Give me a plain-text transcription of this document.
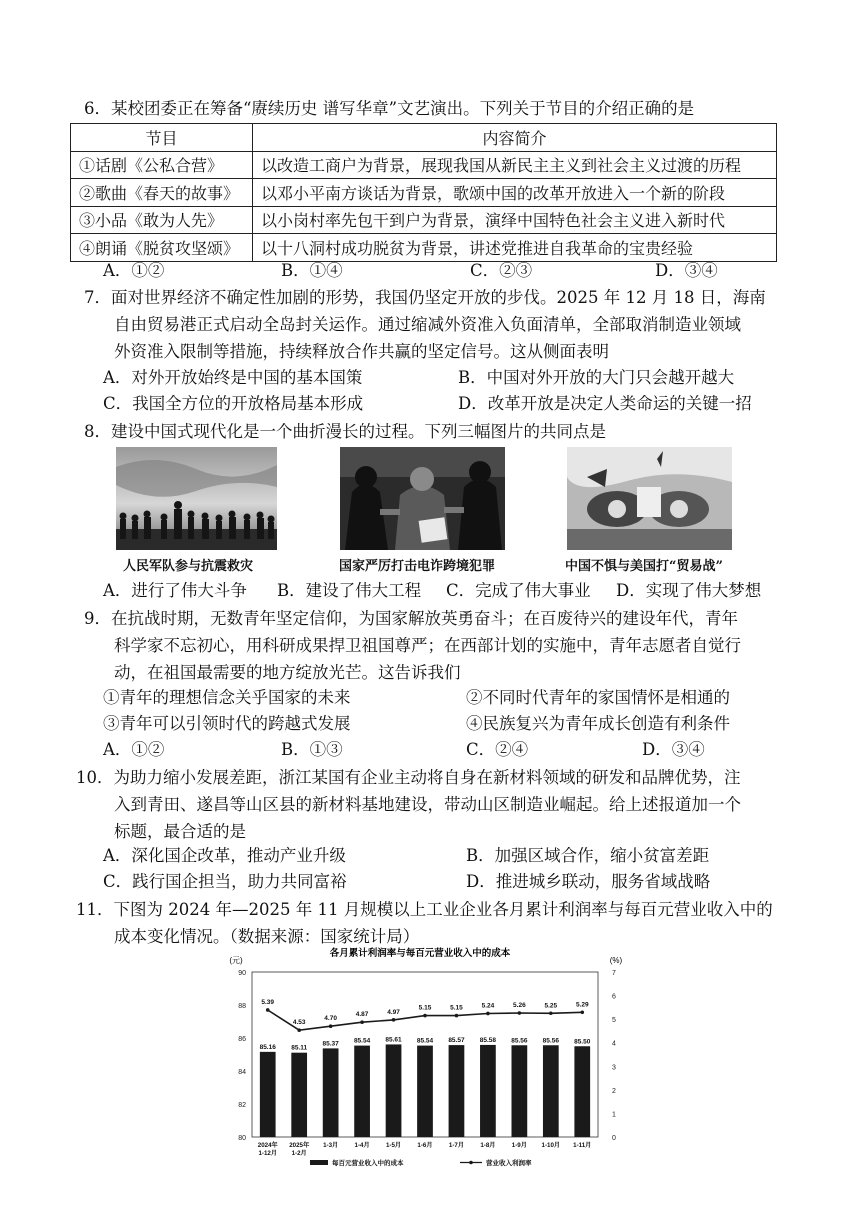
6．某校团委正在筹备“赓续历史 谱写华章”文艺演出。下列关于节目的介绍正确的是
节目	内容简介
①话剧《公私合营》	以改造工商户为背景，展现我国从新民主主义到社会主义过渡的历程
②歌曲《春天的故事》	以邓小平南方谈话为背景，歌颂中国的改革开放进入一个新的阶段
③小品《敢为人先》	以小岗村率先包干到户为背景，演绎中国特色社会主义进入新时代
④朗诵《脱贫攻坚颂》	以十八洞村成功脱贫为背景，讲述党推进自我革命的宝贵经验
A．①②	B．①④	C．②③	D．③④
7．面对世界经济不确定性加剧的形势，我国仍坚定开放的步伐。2025 年 12 月 18 日，海南
自由贸易港正式启动全岛封关运作。通过缩减外资准入负面清单，全部取消制造业领域
外资准入限制等措施，持续释放合作共赢的坚定信号。这从侧面表明
A．对外开放始终是中国的基本国策	B．中国对外开放的大门只会越开越大
C．我国全方位的开放格局基本形成	D．改革开放是决定人类命运的关键一招
8．建设中国式现代化是一个曲折漫长的过程。下列三幅图片的共同点是
人民军队参与抗震救灾	国家严厉打击电诈跨境犯罪	中国不惧与美国打“贸易战”
A．进行了伟大斗争 B．建设了伟大工程 C．完成了伟大事业 D．实现了伟大梦想
9．在抗战时期，无数青年坚定信仰，为国家解放英勇奋斗；在百废待兴的建设年代，青年
科学家不忘初心，用科研成果捍卫祖国尊严；在西部计划的实施中，青年志愿者自觉行
动，在祖国最需要的地方绽放光芒。这告诉我们
①青年的理想信念关乎国家的未来	②不同时代青年的家国情怀是相通的
③青年可以引领时代的跨越式发展	④民族复兴为青年成长创造有利条件
A．①②	B．①③	C．②④	D．③④
10．为助力缩小发展差距，浙江某国有企业主动将自身在新材料领域的研发和品牌优势，注
入到青田、遂昌等山区县的新材料基地建设，带动山区制造业崛起。给上述报道加一个
标题，最合适的是
A．深化国企改革，推动产业升级	B．加强区域合作，缩小贫富差距
C．践行国企担当，助力共同富裕	D．推进城乡联动，服务省域战略
11．下图为 2024 年—2025 年 11 月规模以上工业企业各月累计利润率与每百元营业收入中的
成本变化情况。（数据来源：国家统计局）
各月累计利润率与每百元营业收入中的成本
(元)	(%)
80
82
84
86
88
90
0
1
2
3
4
5
6
7
85.16 85.11
85.37 85.54 85.61 85.54 85.57 85.58 85.56 85.56 85.50
5.39
4.53
4.70
4.87	4.97
5.15	5.15	5.24	5.26	5.25	5.29
2024年
1-12月
2025年
1-2月
1-3月	1-4月	1-5月	1-6月	1-7月	1-8月	1-9月 1-10月 1-11月
每百元营业收入中的成本	营业收入利润率
